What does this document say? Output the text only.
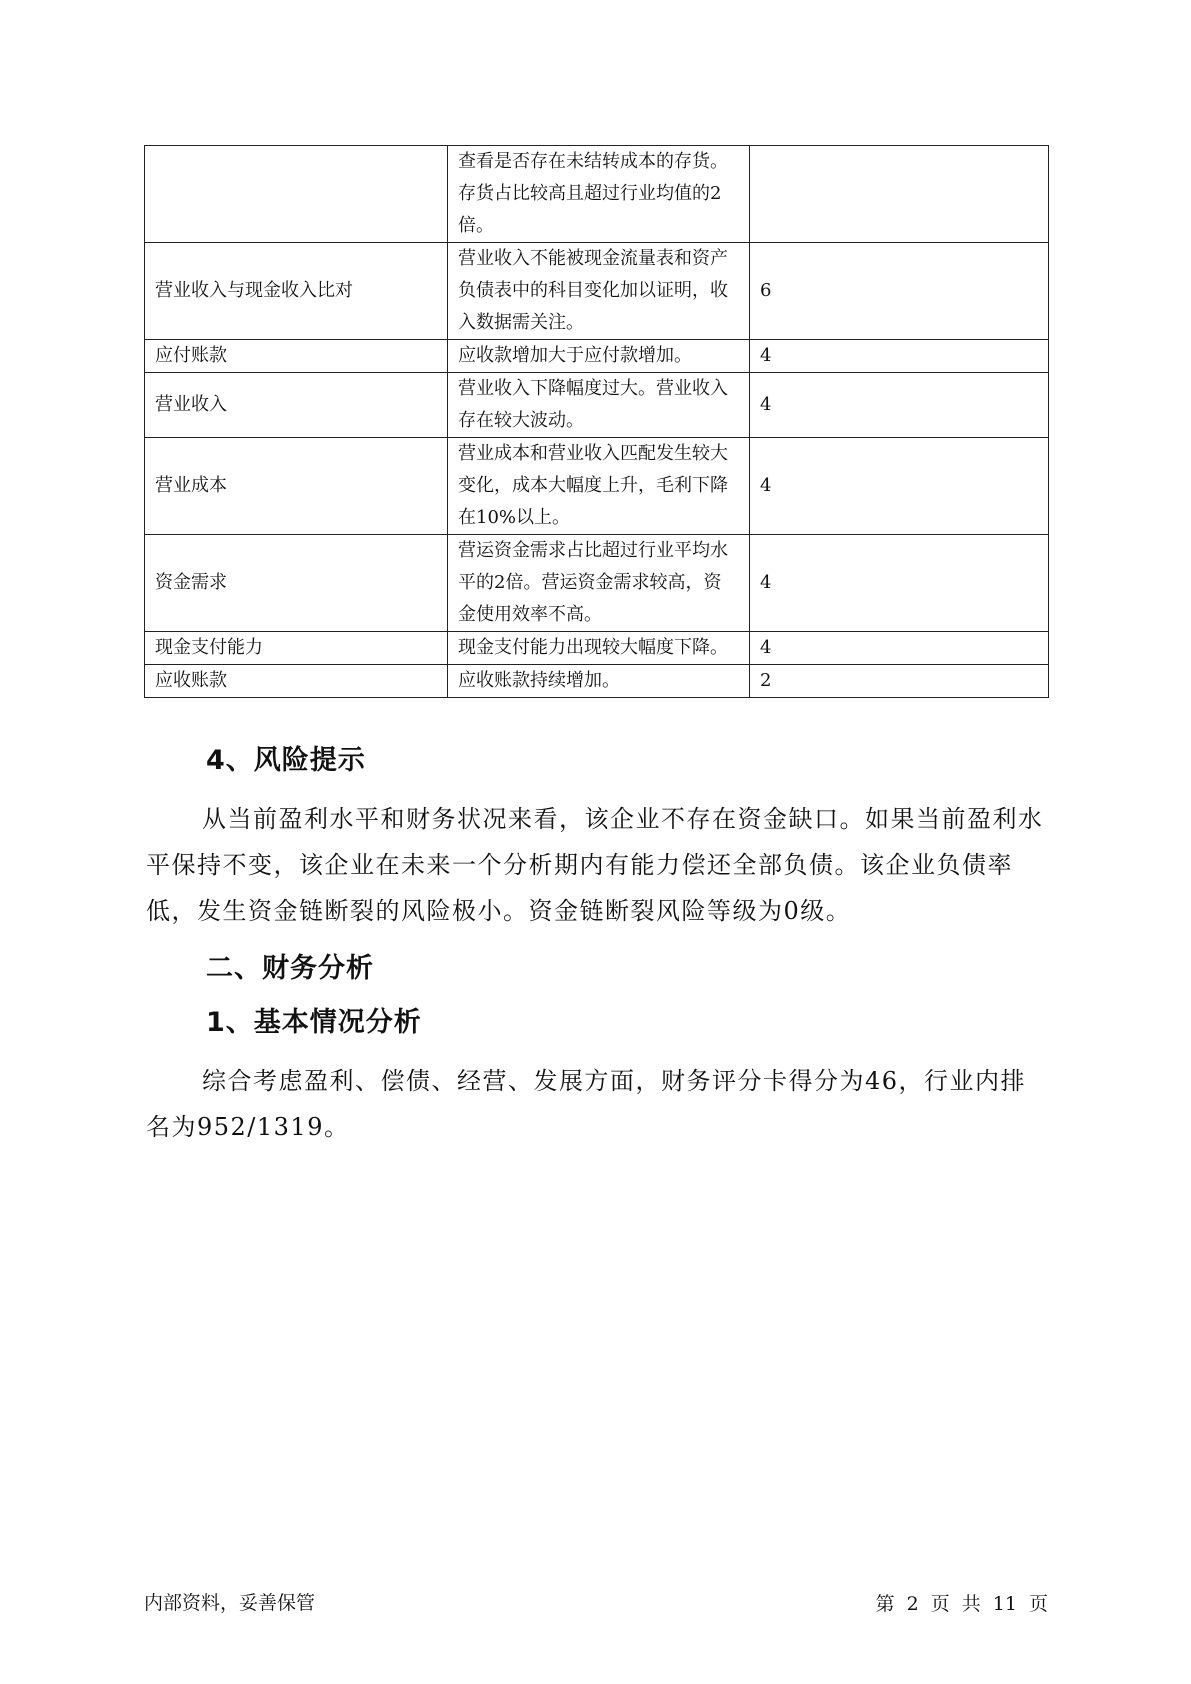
	查看是否存在未结转成本的存货。存货占比较高且超过行业均值的2倍。	
营业收入与现金收入比对	营业收入不能被现金流量表和资产负债表中的科目变化加以证明，收入数据需关注。	6
应付账款	应收款增加大于应付款增加。	4
营业收入	营业收入下降幅度过大。营业收入存在较大波动。	4
营业成本	营业成本和营业收入匹配发生较大变化，成本大幅度上升，毛利下降在10%以上。	4
资金需求	营运资金需求占比超过行业平均水平的2倍。营运资金需求较高，资金使用效率不高。	4
现金支付能力	现金支付能力出现较大幅度下降。	4
应收账款	应收账款持续增加。	2
4、风险提示
从当前盈利水平和财务状况来看，该企业不存在资金缺口。如果当前盈利水平保持不变，该企业在未来一个分析期内有能力偿还全部负债。该企业负债率低，发生资金链断裂的风险极小。资金链断裂风险等级为0级。
二、财务分析
1、基本情况分析
综合考虑盈利、偿债、经营、发展方面，财务评分卡得分为46，行业内排名为952/1319。
内部资料，妥善保管	第 2 页 共 11 页
